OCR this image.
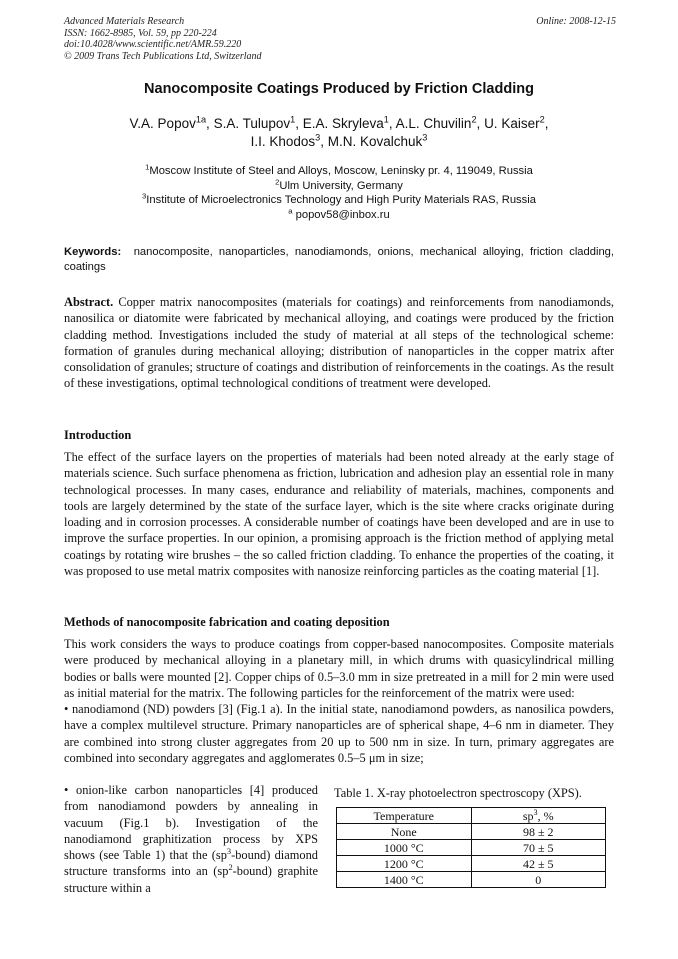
Advanced Materials Research
ISSN: 1662-8985, Vol. 59, pp 220-224
doi:10.4028/www.scientific.net/AMR.59.220
© 2009 Trans Tech Publications Ltd, Switzerland
Online: 2008-12-15
Nanocomposite Coatings Produced by Friction Cladding
V.A. Popov$^{1a}$, S.A. Tulupov$^1$, E.A. Skryleva$^1$, A.L. Chuvilin$^2$, U. Kaiser$^2$,
I.I. Khodos$^3$, M.N. Kovalchuk$^3$
$^1$Moscow Institute of Steel and Alloys, Moscow, Leninsky pr. 4, 119049, Russia
$^2$Ulm University, Germany
$^3$Institute of Microelectronics Technology and High Purity Materials RAS, Russia
$^a$ popov58@inbox.ru
Keywords: nanocomposite, nanoparticles, nanodiamonds, onions, mechanical alloying, friction cladding, coatings
Abstract. Copper matrix nanocomposites (materials for coatings) and reinforcements from nanodiamonds, nanosilica or diatomite were fabricated by mechanical alloying, and coatings were produced by the friction cladding method. Investigations included the study of material at all steps of the technological scheme: formation of granules during mechanical alloying; distribution of nanoparticles in the copper matrix after consolidation of granules; structure of coatings and distribution of reinforcements in the coatings. As the result of these investigations, optimal technological conditions of treatment were developed.
Introduction
The effect of the surface layers on the properties of materials had been noted already at the early stage of materials science. Such surface phenomena as friction, lubrication and adhesion play an essential role in many technological processes. In many cases, endurance and reliability of materials, machines, components and tools are largely determined by the state of the surface layer, which is the site where cracks originate during loading and in corrosion processes. A considerable number of coatings have been developed and are in use to improve the surface properties. In our opinion, a promising approach is the friction method of applying metal coatings by rotating wire brushes – the so called friction cladding. To enhance the properties of the coating, it was proposed to use metal matrix composites with nanosize reinforcing particles as the coating material [1].
Methods of nanocomposite fabrication and coating deposition
This work considers the ways to produce coatings from copper-based nanocomposites. Composite materials were produced by mechanical alloying in a planetary mill, in which drums with quasicylindrical milling bodies or balls were mounted [2]. Copper chips of 0.5–3.0 mm in size pretreated in a mill for 2 min were used as initial material for the matrix. The following particles for the reinforcement of the matrix were used:
• nanodiamond (ND) powders [3] (Fig.1 a). In the initial state, nanodiamond powders, as nanosilica powders, have a complex multilevel structure. Primary nanoparticles are of spherical shape, 4–6 nm in diameter. They are combined into strong cluster aggregates from 20 up to 500 nm in size. In turn, primary aggregates are combined into secondary aggregates and agglomerates 0.5–5 μm in size;
• onion-like carbon nanoparticles [4] produced from nanodiamond powders by annealing in vacuum (Fig.1 b). Investigation of the nanodiamond graphitization process by XPS shows (see Table 1) that the $(sp^3-bound)$ diamond structure transforms into an $(sp^2-bound)$ graphite structure within a
Table 1. X-ray photoelectron spectroscopy (XPS).
Temperature	$sp^3$, %
None	98 ± 2
1000 °C	70 ± 5
1200 °C	42 ± 5
1400 °C	0
